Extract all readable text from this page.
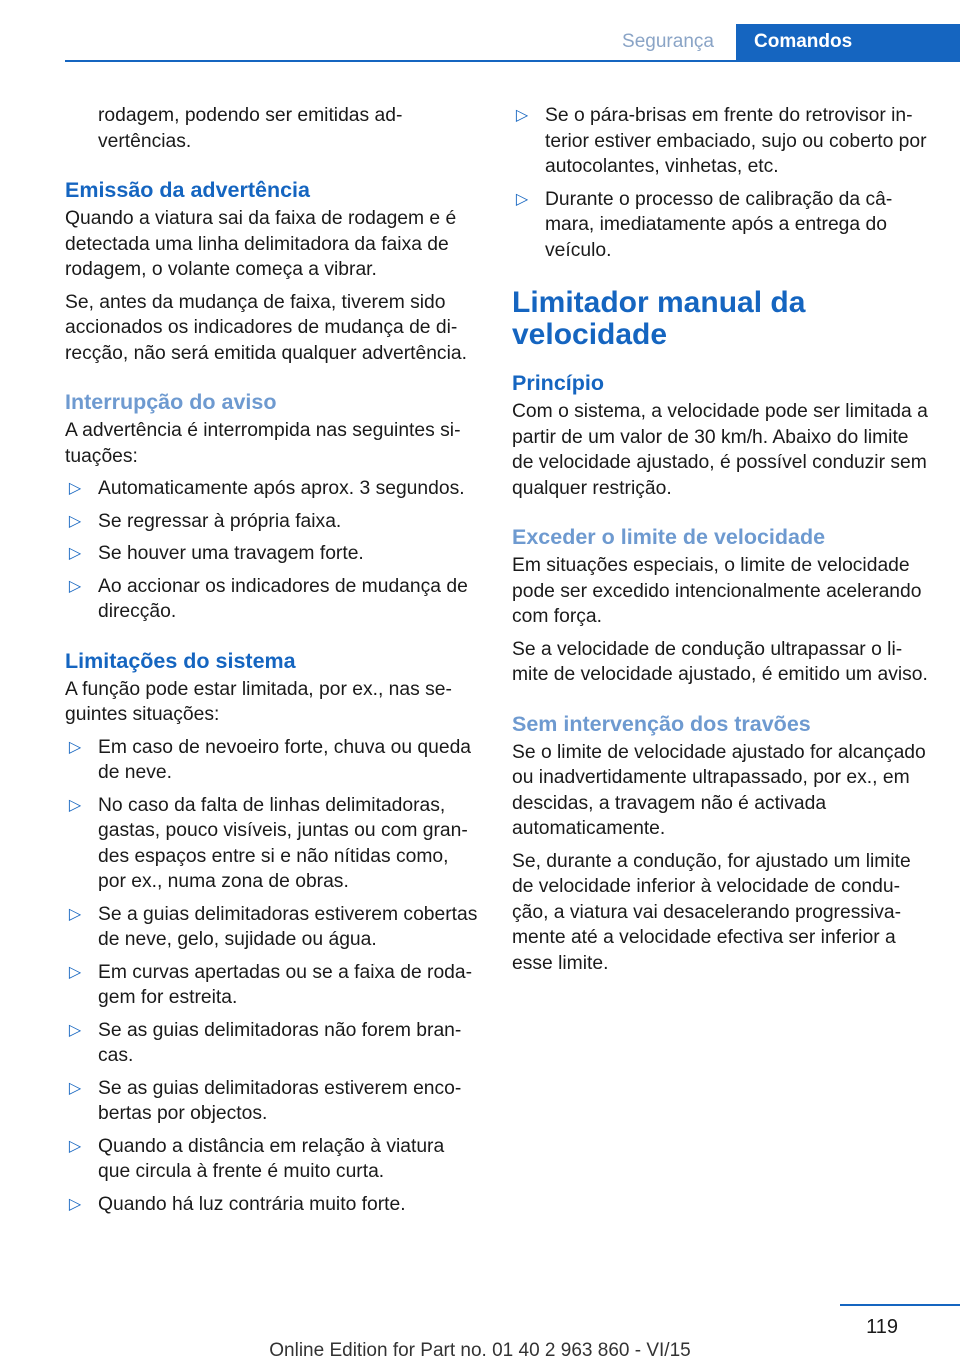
Segurança	Comandos

rodagem, podendo ser emitidas advertências.

Emissão da advertência

Quando a viatura sai da faixa de rodagem e é detectada uma linha delimitadora da faixa de rodagem, o volante começa a vibrar.

Se, antes da mudança de faixa, tiverem sido accionados os indicadores de mudança de direcção, não será emitida qualquer advertência.

Interrupção do aviso

A advertência é interrompida nas seguintes situações:

▷ Automaticamente após aprox. 3 segundos.
▷ Se regressar à própria faixa.
▷ Se houver uma travagem forte.
▷ Ao accionar os indicadores de mudança de direcção.
Limitações do sistema

A função pode estar limitada, por ex., nas seguintes situações:

▷ Em caso de nevoeiro forte, chuva ou queda de neve.
▷ No caso da falta de linhas delimitadoras, gastas, pouco visíveis, juntas ou com grandes espaços entre si e não nítidas como, por ex., numa zona de obras.
▷ Se a guias delimitadoras estiverem cobertas de neve, gelo, sujidade ou água.
▷ Em curvas apertadas ou se a faixa de rodagem for estreita.
▷ Se as guias delimitadoras não forem brancas.
▷ Se as guias delimitadoras estiverem encobertas por objectos.
▷ Quando a distância em relação à viatura que circula à frente é muito curta.
▷ Quando há luz contrária muito forte.
▷ Se o pára-brisas em frente do retrovisor interior estiver embaciado, sujo ou coberto por autocolantes, vinhetas, etc.
▷ Durante o processo de calibração da câmara, imediatamente após a entrega do veículo.
Limitador manual da velocidade
Princípio

Com o sistema, a velocidade pode ser limitada a partir de um valor de 30 km/h. Abaixo do limite de velocidade ajustado, é possível conduzir sem qualquer restrição.

Exceder o limite de velocidade

Em situações especiais, o limite de velocidade pode ser excedido intencionalmente acelerando com força.

Se a velocidade de condução ultrapassar o limite de velocidade ajustado, é emitido um aviso.

Sem intervenção dos travões

Se o limite de velocidade ajustado for alcançado ou inadvertidamente ultrapassado, por ex., em descidas, a travagem não é activada automaticamente.

Se, durante a condução, for ajustado um limite de velocidade inferior à velocidade de condução, a viatura vai desacelerando progressivamente até a velocidade efectiva ser inferior a esse limite.

119
Online Edition for Part no. 01 40 2 963 860 - VI/15
